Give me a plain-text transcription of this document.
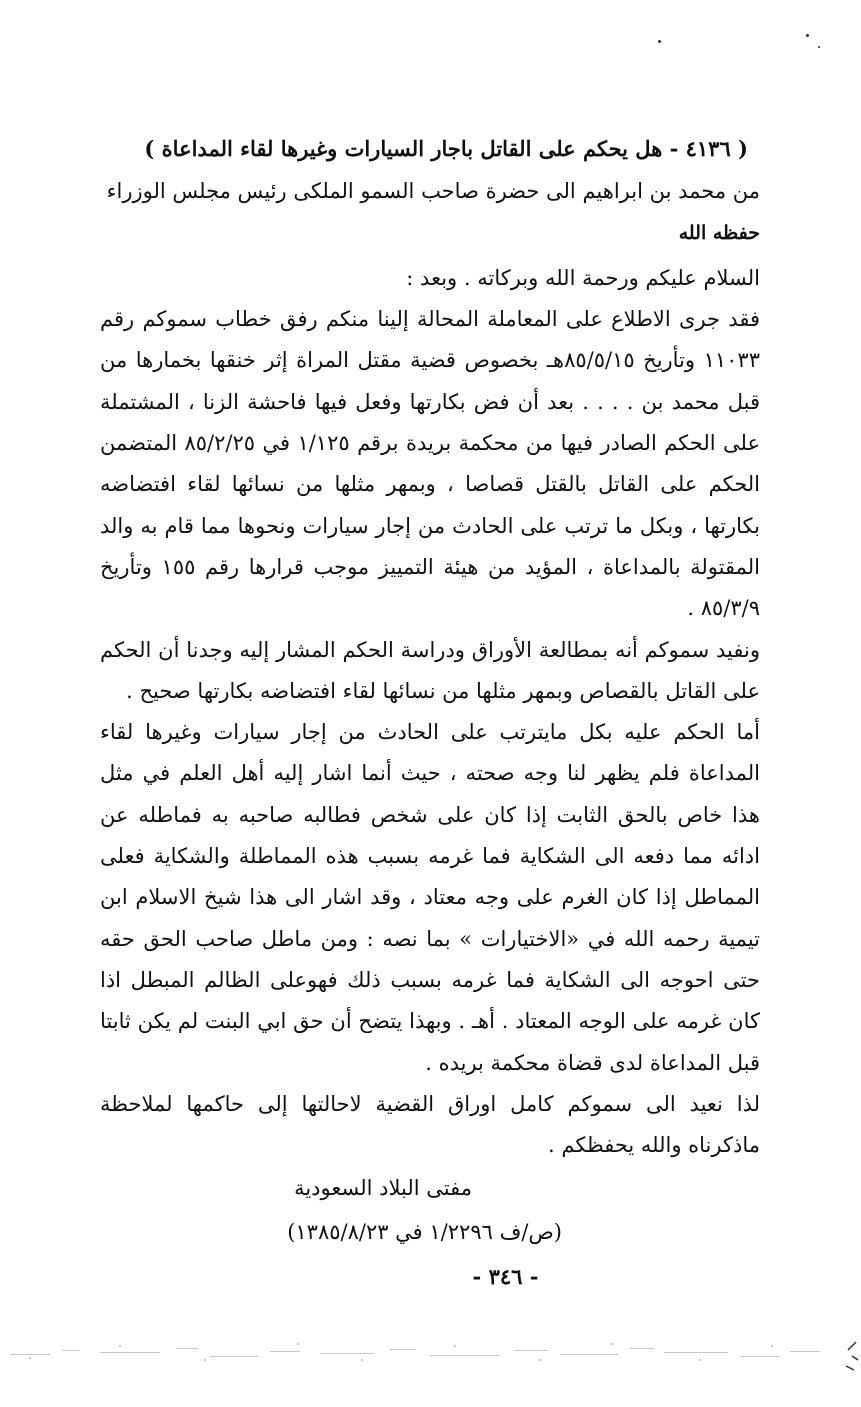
( ٤١٣٦ - هل يحكم على القاتل باجار السيارات وغيرها لقاء المداعاة )

من محمد بن ابراهيم الى حضرة صاحب السمو الملكى رئيس مجلس الوزراء

حفظه الله

السلام عليكم ورحمة الله وبركاته . وبعد :

فقد جرى الاطلاع على المعاملة المحالة إلينا منكم رفق خطاب سموكم رقم ١١٠٣٣ وتأريخ ٨٥/٥/١٥هـ بخصوص قضية مقتل المراة إثر خنقها بخمارها من قبل محمد بن . . . . بعد أن فض بكارتها وفعل فيها فاحشة الزنا ، المشتملة على الحكم الصادر فيها من محكمة بريدة برقم ١/١٢٥ في ٨٥/٢/٢٥ المتضمن الحكم على القاتل بالقتل قصاصا ، وبمهر مثلها من نسائها لقاء افتضاضه بكارتها ، وبكل ما ترتب على الحادث من إجار سيارات ونحوها مما قام به والد المقتولة بالمداعاة ، المؤيد من هيئة التمييز موجب قرارها رقم ١٥٥ وتأريخ ٨٥/٣/٩ .

ونفيد سموكم أنه بمطالعة الأوراق ودراسة الحكم المشار إليه وجدنا أن الحكم على القاتل بالقصاص وبمهر مثلها من نسائها لقاء افتضاضه بكارتها صحيح .

أما الحكم عليه بكل مايترتب على الحادث من إجار سيارات وغيرها لقاء المداعاة فلم يظهر لنا وجه صحته ، حيث أنما اشار إليه أهل العلم في مثل هذا خاص بالحق الثابت إذا كان على شخص فطالبه صاحبه به فماطله عن ادائه مما دفعه الى الشكاية فما غرمه بسبب هذه المماطلة والشكاية فعلى المماطل إذا كان الغرم على وجه معتاد ، وقد اشار الى هذا شيخ الاسلام ابن تيمية رحمه الله في «الاختيارات » بما نصه : ومن ماطل صاحب الحق حقه حتى احوجه الى الشكاية فما غرمه بسبب ذلك فهوعلى الظالم المبطل اذا كان غرمه على الوجه المعتاد . أهـ . وبهذا يتضح أن حق ابي البنت لم يكن ثابتا قبل المداعاة لدى قضاة محكمة بريده .

لذا نعيد الى سموكم كامل اوراق القضية لاحالتها إلى حاكمها لملاحظة ماذكرناه والله يحفظكم .

مفتى البلاد السعودية
(ص/ف ١/٢٢٩٦ في ١٣٨٥/٨/٢٣)
- ٣٤٦ -
